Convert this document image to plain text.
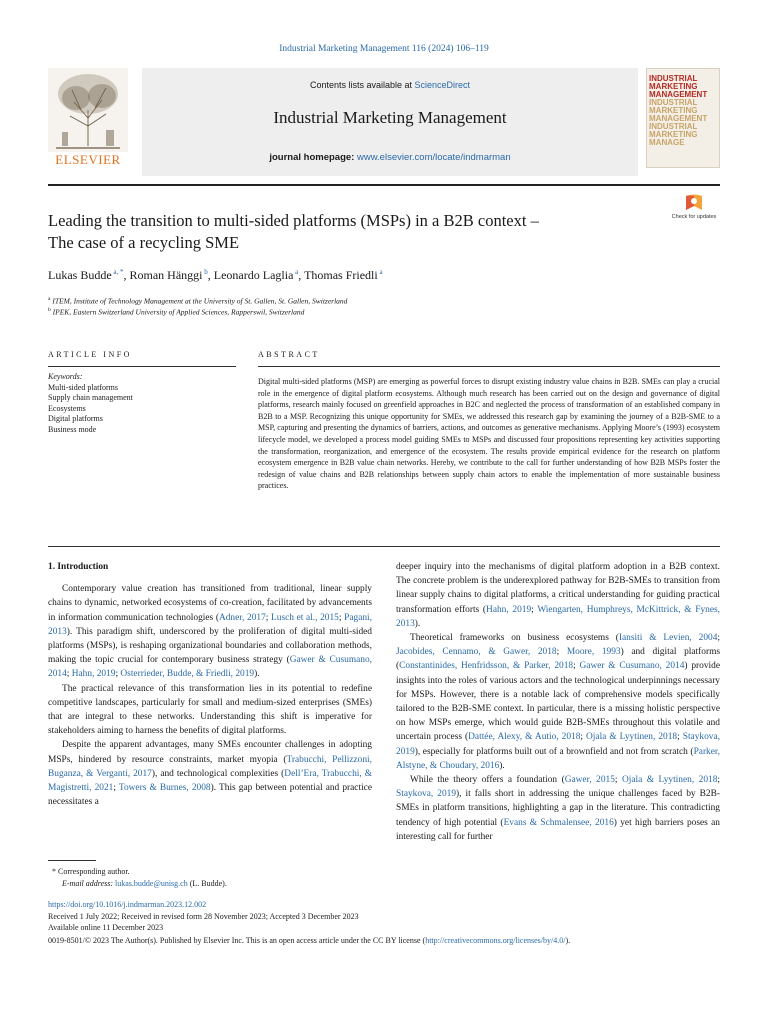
Industrial Marketing Management 116 (2024) 106–119
ELSEVIER
Contents lists available at ScienceDirect
Industrial Marketing Management
journal homepage: www.elsevier.com/locate/indmarman
INDUSTRIAL
MARKETING
MANAGEMENT
INDUSTRIAL
MARKETING
MANAGEMENT
INDUSTRIAL
MARKETING
MANAGE
Leading the transition to multi-sided platforms (MSPs) in a B2B context –
The case of a recycling SME
Check for updates
Lukas Budde $^{a, *}$, Roman Hänggi $^b$, Leonardo Laglia $^a$, Thomas Friedli $^a$
$^a$ ITEM, Institute of Technology Management at the University of St. Gallen, St. Gallen, Switzerland
$^b$ IPEK, Eastern Switzerland University of Applied Sciences, Rapperswil, Switzerland
ARTICLE INFO	ABSTRACT
Keywords:
Multi-sided platforms
Supply chain management
Ecosystems
Digital platforms
Business mode
Digital multi-sided platforms (MSP) are emerging as powerful forces to disrupt existing industry value chains in B2B. SMEs can play a crucial role in the emergence of digital platform ecosystems. Although much research has been carried out on the design and governance of digital platforms, research mainly focused on greenfield approaches in B2C and neglected the process of transformation of an established company in B2B to a MSP. Recognizing this unique opportunity for SMEs, we addressed this research gap by examining the journey of a B2B-SME to a MSP, capturing and presenting the dynamics of barriers, actions, and outcomes as generative mechanisms. Applying Moore’s (1993) ecosystem lifecycle model, we developed a process model guiding SMEs to MSPs and discussed four propositions representing key activities supporting the transformation, reorganization, and emergence of the ecosystem. The results provide empirical evidence for the research on platform ecosystem emergence in B2B value chain networks. Hereby, we contribute to the call for further understanding of how B2B MSPs foster the redesign of value chains and B2B relationships between supply chain actors to enable the implementation of more sustainable business practices.
1. Introduction

Contemporary value creation has transitioned from traditional, linear supply chains to dynamic, networked ecosystems of co-creation, facilitated by advancements in information communication technologies (Adner, 2017; Lusch et al., 2015; Pagani, 2013). This paradigm shift, underscored by the proliferation of digital multi-sided platforms (MSPs), is reshaping organizational boundaries and collaboration methods, making the topic crucial for contemporary business strategy (Gawer & Cusumano, 2014; Hahn, 2019; Osterrieder, Budde, & Friedli, 2019).

The practical relevance of this transformation lies in its potential to redefine competitive landscapes, particularly for small and medium-sized enterprises (SMEs) that are integral to these networks. Understanding this shift is imperative for stakeholders aiming to harness the benefits of digital platforms.

Despite the apparent advantages, many SMEs encounter challenges in adopting MSPs, hindered by resource constraints, market myopia (Trabucchi, Pellizzoni, Buganza, & Verganti, 2017), and technological complexities (Dell’Era, Trabucchi, & Magistretti, 2021; Towers & Burnes, 2008). This gap between potential and practice necessitates a

deeper inquiry into the mechanisms of digital platform adoption in a B2B context. The concrete problem is the underexplored pathway for B2B-SMEs to transition from linear supply chains to digital platforms, a critical understanding for guiding practical transformation efforts (Hahn, 2019; Wiengarten, Humphreys, McKittrick, & Fynes, 2013).

Theoretical frameworks on business ecosystems (Iansiti & Levien, 2004; Jacobides, Cennamo, & Gawer, 2018; Moore, 1993) and digital platforms (Constantinides, Henfridsson, & Parker, 2018; Gawer & Cusumano, 2014) provide insights into the roles of various actors and the technological underpinnings necessary for MSPs. However, there is a notable lack of comprehensive models specifically tailored to the B2B-SME context. In particular, there is a missing holistic perspective on how MSPs emerge, which would guide B2B-SMEs throughout this volatile and uncertain process (Dattée, Alexy, & Autio, 2018; Ojala & Lyytinen, 2018; Staykova, 2019), especially for platforms built out of a brownfield and not from scratch (Parker, Alstyne, & Choudary, 2016).

While the theory offers a foundation (Gawer, 2015; Ojala & Lyytinen, 2018; Staykova, 2019), it falls short in addressing the unique challenges faced by B2B-SMEs in platform transitions, highlighting a gap in the literature. This contradicting tendency of high potential (Evans & Schmalensee, 2016) yet high barriers poses an interesting call for further

* Corresponding author.
E-mail address: lukas.budde@unisg.ch (L. Budde).
https://doi.org/10.1016/j.indmarman.2023.12.002
Received 1 July 2022; Received in revised form 28 November 2023; Accepted 3 December 2023
Available online 11 December 2023
0019-8501/© 2023 The Author(s). Published by Elsevier Inc. This is an open access article under the CC BY license (http://creativecommons.org/licenses/by/4.0/).
